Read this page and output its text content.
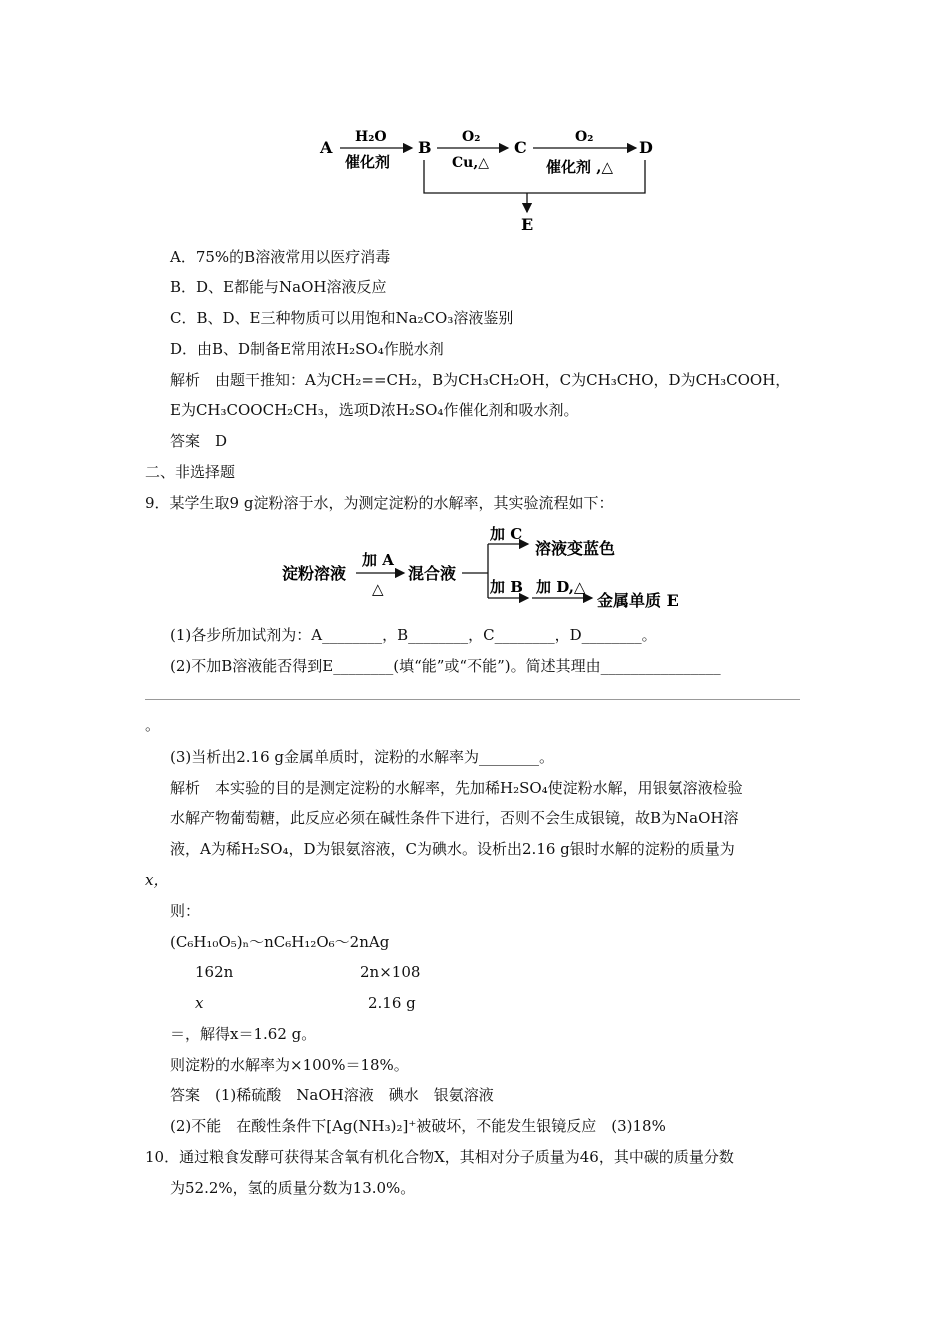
A
H₂O
催化剂
B
O₂
Cu,△
C
O₂
催化剂 ,△
D
E
A．75%的B溶液常用以医疗消毒
B．D、E都能与NaOH溶液反应
C．B、D、E三种物质可以用饱和Na₂CO₃溶液鉴别
D．由B、D制备E常用浓H₂SO₄作脱水剂
解析　由题干推知：A为CH₂==CH₂，B为CH₃CH₂OH，C为CH₃CHO，D为CH₃COOH，
E为CH₃COOCH₂CH₃，选项D浓H₂SO₄作催化剂和吸水剂。
答案　D
二、非选择题
9．某学生取9 g淀粉溶于水，为测定淀粉的水解率，其实验流程如下：
淀粉溶液
加 A
△
混合液
加 C
溶液变蓝色
加 B 加 D,△
金属单质 E
(1)各步所加试剂为：A________，B________，C________，D________。
(2)不加B溶液能否得到E________(填“能”或“不能”)。简述其理由________________
。
(3)当析出2.16 g金属单质时，淀粉的水解率为________。
解析　本实验的目的是测定淀粉的水解率，先加稀H₂SO₄使淀粉水解，用银氨溶液检验
水解产物葡萄糖，此反应必须在碱性条件下进行，否则不会生成银镜，故B为NaOH溶
液，A为稀H₂SO₄，D为银氨溶液，C为碘水。设析出2.16 g银时水解的淀粉的质量为
x，
则：
(C₆H₁₀O₅)ₙ～nC₆H₁₂O₆～2nAg
162n	2n×108
x	2.16 g
＝，解得x＝1.62 g。
则淀粉的水解率为×100%＝18%。
答案　(1)稀硫酸　NaOH溶液　碘水　银氨溶液
(2)不能　在酸性条件下[Ag(NH₃)₂]⁺被破坏，不能发生银镜反应　(3)18%
10．通过粮食发酵可获得某含氧有机化合物X，其相对分子质量为46，其中碳的质量分数
为52.2%，氢的质量分数为13.0%。
